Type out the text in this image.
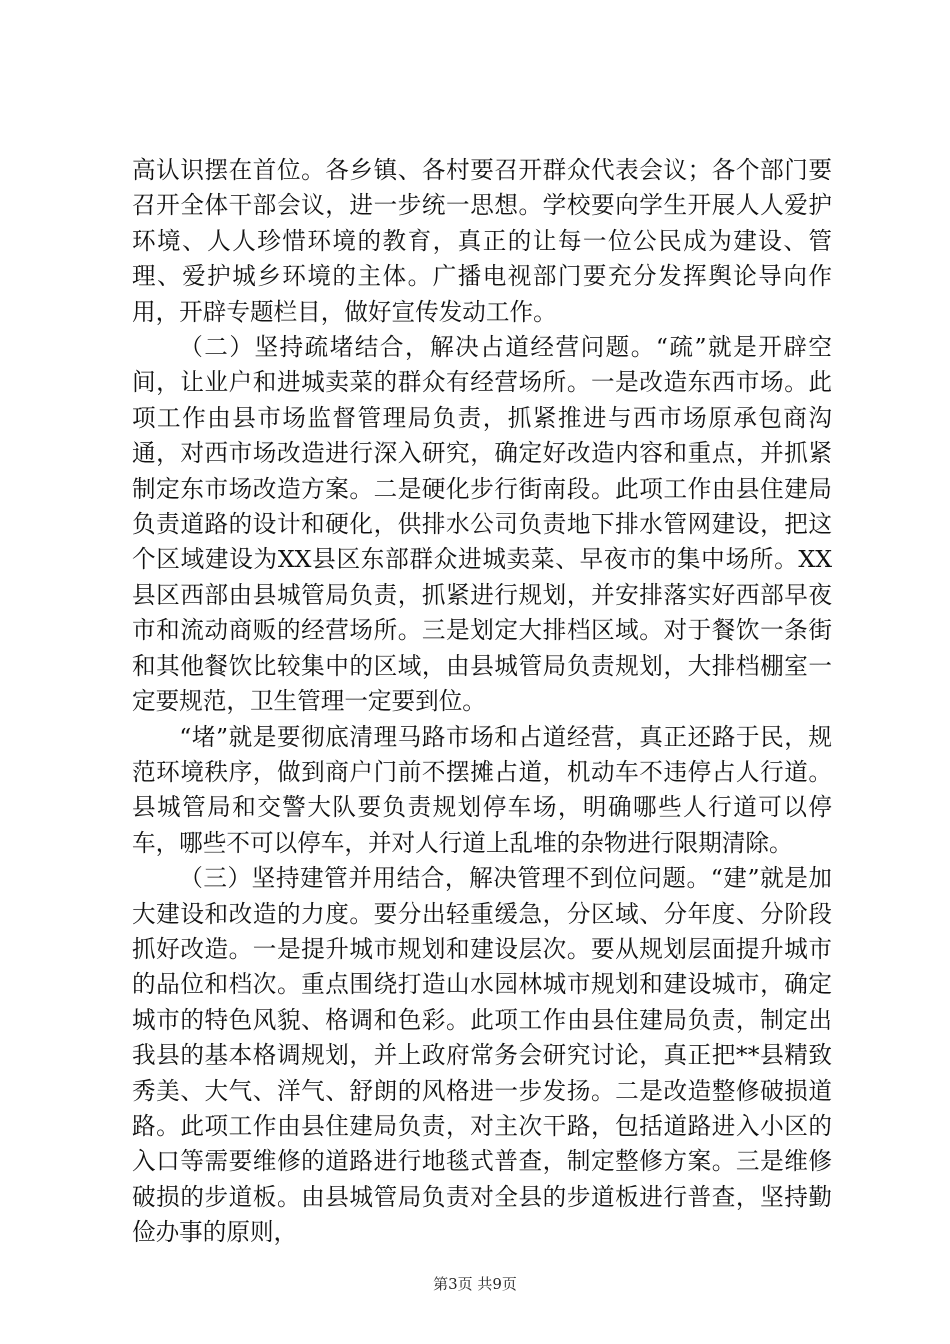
高认识摆在首位。各乡镇、各村要召开群众代表会议；各个部门要召开全体干部会议，进一步统一思想。学校要向学生开展人人爱护环境、人人珍惜环境的教育，真正的让每一位公民成为建设、管理、爱护城乡环境的主体。广播电视部门要充分发挥舆论导向作用，开辟专题栏目，做好宣传发动工作。

（二）坚持疏堵结合，解决占道经营问题。“疏”就是开辟空间，让业户和进城卖菜的群众有经营场所。一是改造东西市场。此项工作由县市场监督管理局负责，抓紧推进与西市场原承包商沟通，对西市场改造进行深入研究，确定好改造内容和重点，并抓紧制定东市场改造方案。二是硬化步行街南段。此项工作由县住建局负责道路的设计和硬化，供排水公司负责地下排水管网建设，把这个区域建设为XX县区东部群众进城卖菜、早夜市的集中场所。XX县区西部由县城管局负责，抓紧进行规划，并安排落实好西部早夜市和流动商贩的经营场所。三是划定大排档区域。对于餐饮一条街和其他餐饮比较集中的区域，由县城管局负责规划，大排档棚室一定要规范，卫生管理一定要到位。

“堵”就是要彻底清理马路市场和占道经营，真正还路于民，规范环境秩序，做到商户门前不摆摊占道，机动车不违停占人行道。县城管局和交警大队要负责规划停车场，明确哪些人行道可以停车，哪些不可以停车，并对人行道上乱堆的杂物进行限期清除。

（三）坚持建管并用结合，解决管理不到位问题。“建”就是加大建设和改造的力度。要分出轻重缓急，分区域、分年度、分阶段抓好改造。一是提升城市规划和建设层次。要从规划层面提升城市的品位和档次。重点围绕打造山水园林城市规划和建设城市，确定城市的特色风貌、格调和色彩。此项工作由县住建局负责，制定出我县的基本格调规划，并上政府常务会研究讨论，真正把**县精致秀美、大气、洋气、舒朗的风格进一步发扬。二是改造整修破损道路。此项工作由县住建局负责，对主次干路，包括道路进入小区的入口等需要维修的道路进行地毯式普查，制定整修方案。三是维修破损的步道板。由县城管局负责对全县的步道板进行普查，坚持勤俭办事的原则，

第3页 共9页
